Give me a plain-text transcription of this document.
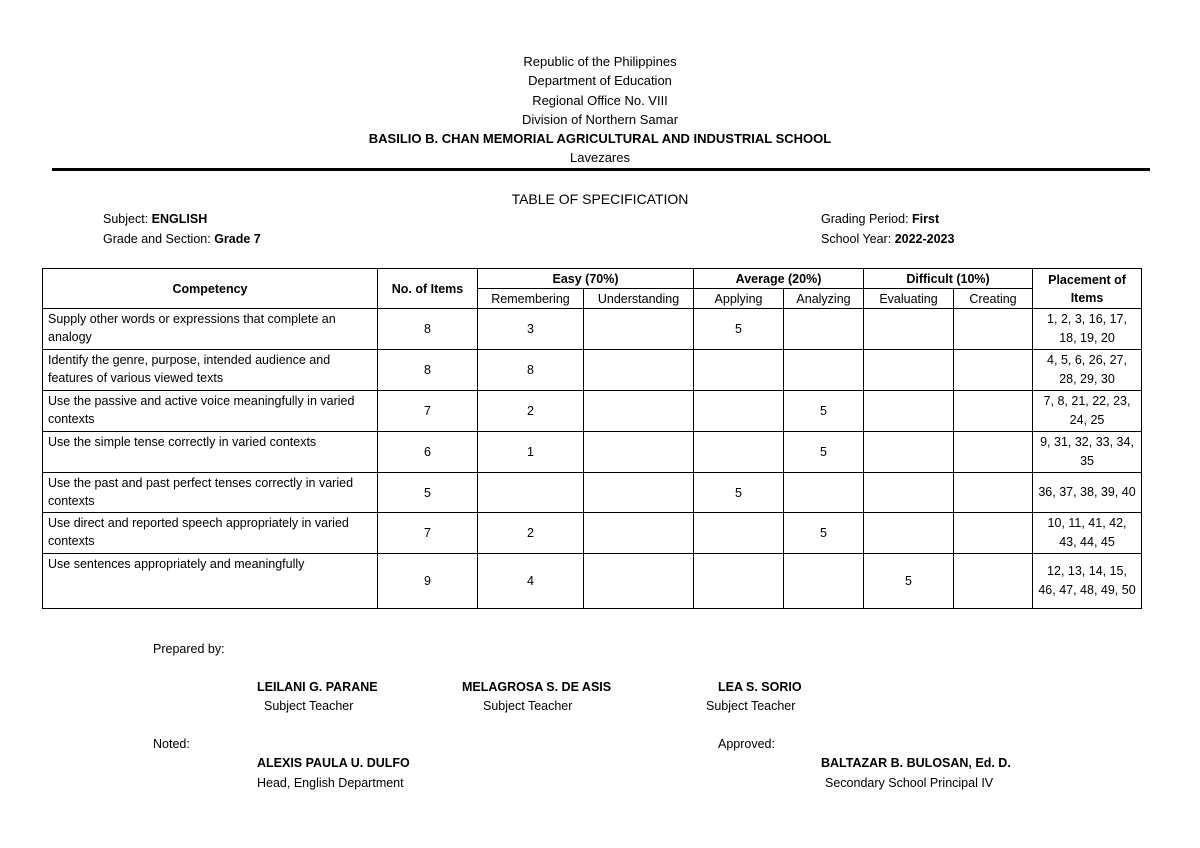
Republic of the Philippines
Department of Education
Regional Office No. VIII
Division of Northern Samar
BASILIO B. CHAN MEMORIAL AGRICULTURAL AND INDUSTRIAL SCHOOL
Lavezares
TABLE OF SPECIFICATION
Subject: ENGLISH
Grade and Section: Grade 7
Grading Period: First
School Year: 2022-2023
Competency	No. of Items	Easy (70%)		Average (20%)		Difficult (10%)		Placement of Items
		Remembering	Understanding	Applying	Analyzing	Evaluating	Creating	
Supply other words or expressions that complete an analogy	8	3		5				1, 2, 3, 16, 17, 18, 19, 20
Identify the genre, purpose, intended audience and features of various viewed texts	8	8						4, 5, 6, 26, 27, 28, 29, 30
Use the passive and active voice meaningfully in varied contexts	7	2			5			7, 8, 21, 22, 23, 24, 25
Use the simple tense correctly in varied contexts	6	1			5			9, 31, 32, 33, 34, 35
Use the past and past perfect tenses correctly in varied contexts	5			5				36, 37, 38, 39, 40
Use direct and reported speech appropriately in varied contexts	7	2			5			10, 11, 41, 42, 43, 44, 45
Use sentences appropriately and meaningfully	9	4				5		12, 13, 14, 15, 46, 47, 48, 49, 50
Prepared by:
LEILANI G. PARANE
Subject Teacher
MELAGROSA S. DE ASIS
Subject Teacher
LEA S. SORIO
Subject Teacher
Noted:
ALEXIS PAULA U. DULFO
Head, English Department
Approved:
BALTAZAR B. BULOSAN, Ed. D.
Secondary School Principal IV
